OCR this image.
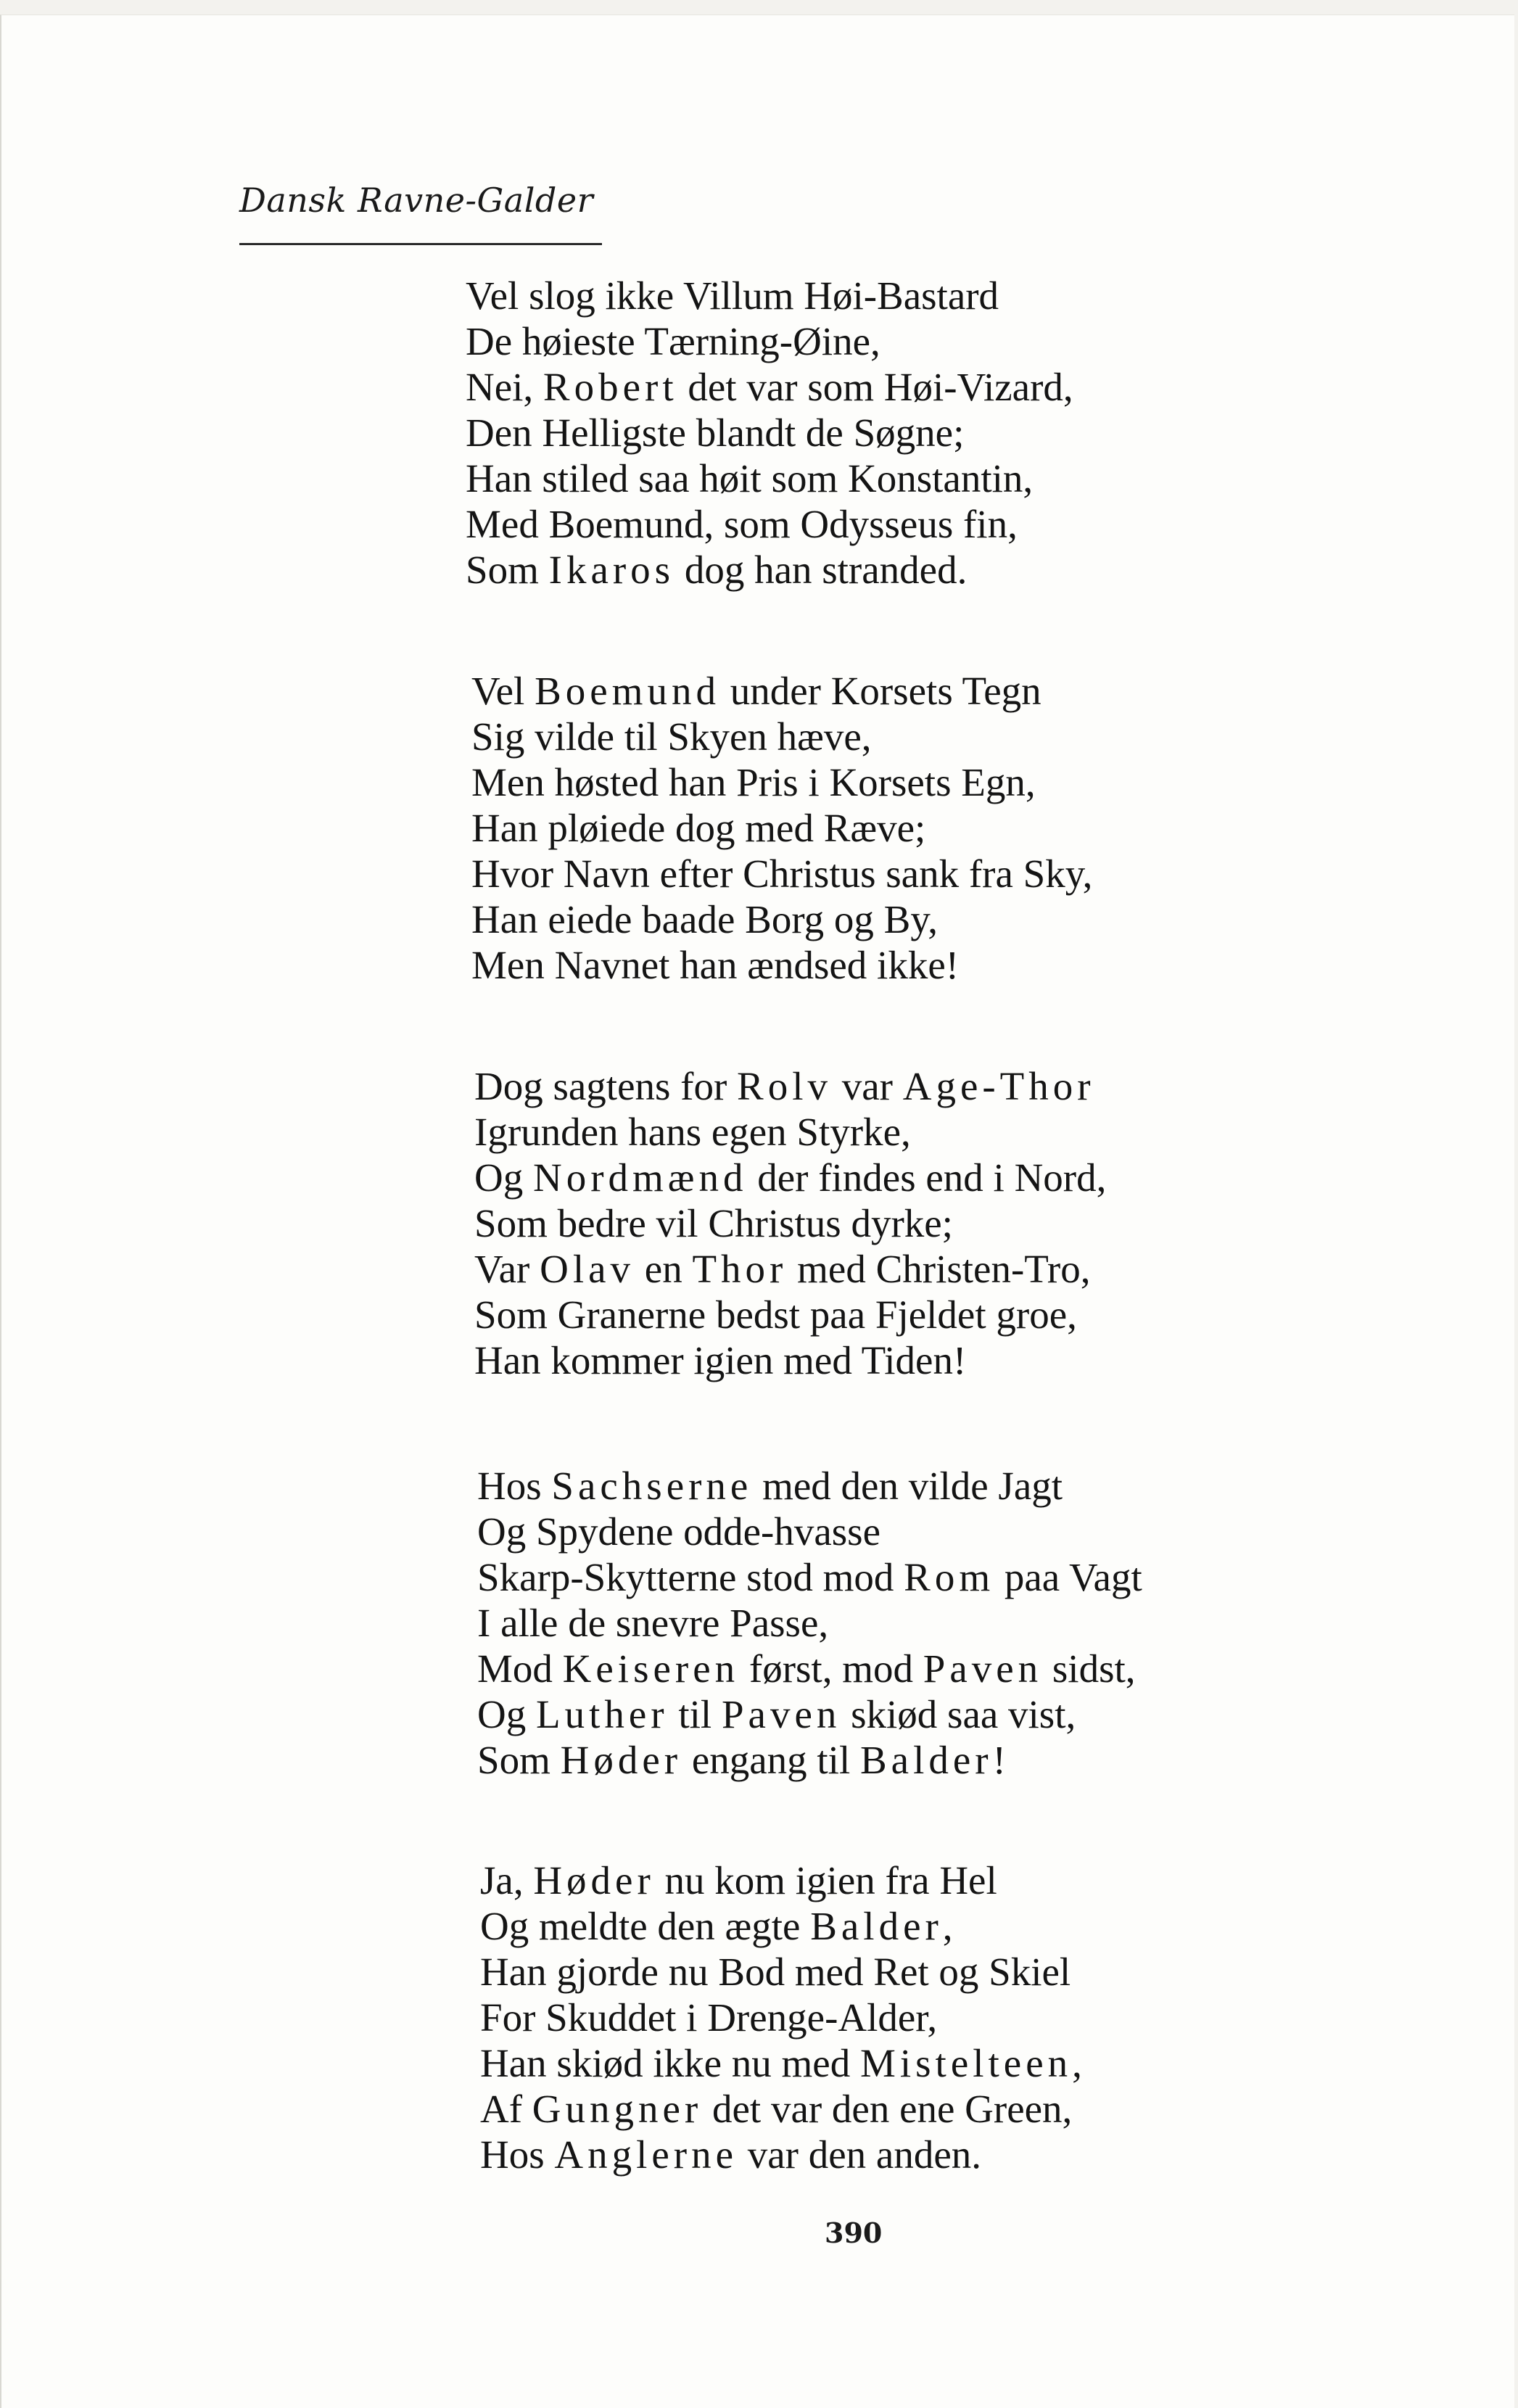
Dansk Ravne-Galder
Vel slog ikke Villum Høi-Bastard
De høieste Tærning-Øine,
Nei, Robert det var som Høi-Vizard,
Den Helligste blandt de Søgne;
Han stiled saa høit som Konstantin,
Med Boemund, som Odysseus fin,
Som Ikaros dog han stranded.
Vel Boemund under Korsets Tegn
Sig vilde til Skyen hæve,
Men høsted han Pris i Korsets Egn,
Han pløiede dog med Ræve;
Hvor Navn efter Christus sank fra Sky,
Han eiede baade Borg og By,
Men Navnet han ændsed ikke!
Dog sagtens for Rolv var Age-Thor
Igrunden hans egen Styrke,
Og Nordmænd der findes end i Nord,
Som bedre vil Christus dyrke;
Var Olav en Thor med Christen-Tro,
Som Granerne bedst paa Fjeldet groe,
Han kommer igien med Tiden!
Hos Sachserne med den vilde Jagt
Og Spydene odde-hvasse
Skarp-Skytterne stod mod Rom paa Vagt
I alle de snevre Passe,
Mod Keiseren først, mod Paven sidst,
Og Luther til Paven skiød saa vist,
Som Høder engang til Balder!
Ja, Høder nu kom igien fra Hel
Og meldte den ægte Balder,
Han gjorde nu Bod med Ret og Skiel
For Skuddet i Drenge-Alder,
Han skiød ikke nu med Mistelteen,
Af Gungner det var den ene Green,
Hos Anglerne var den anden.
390
